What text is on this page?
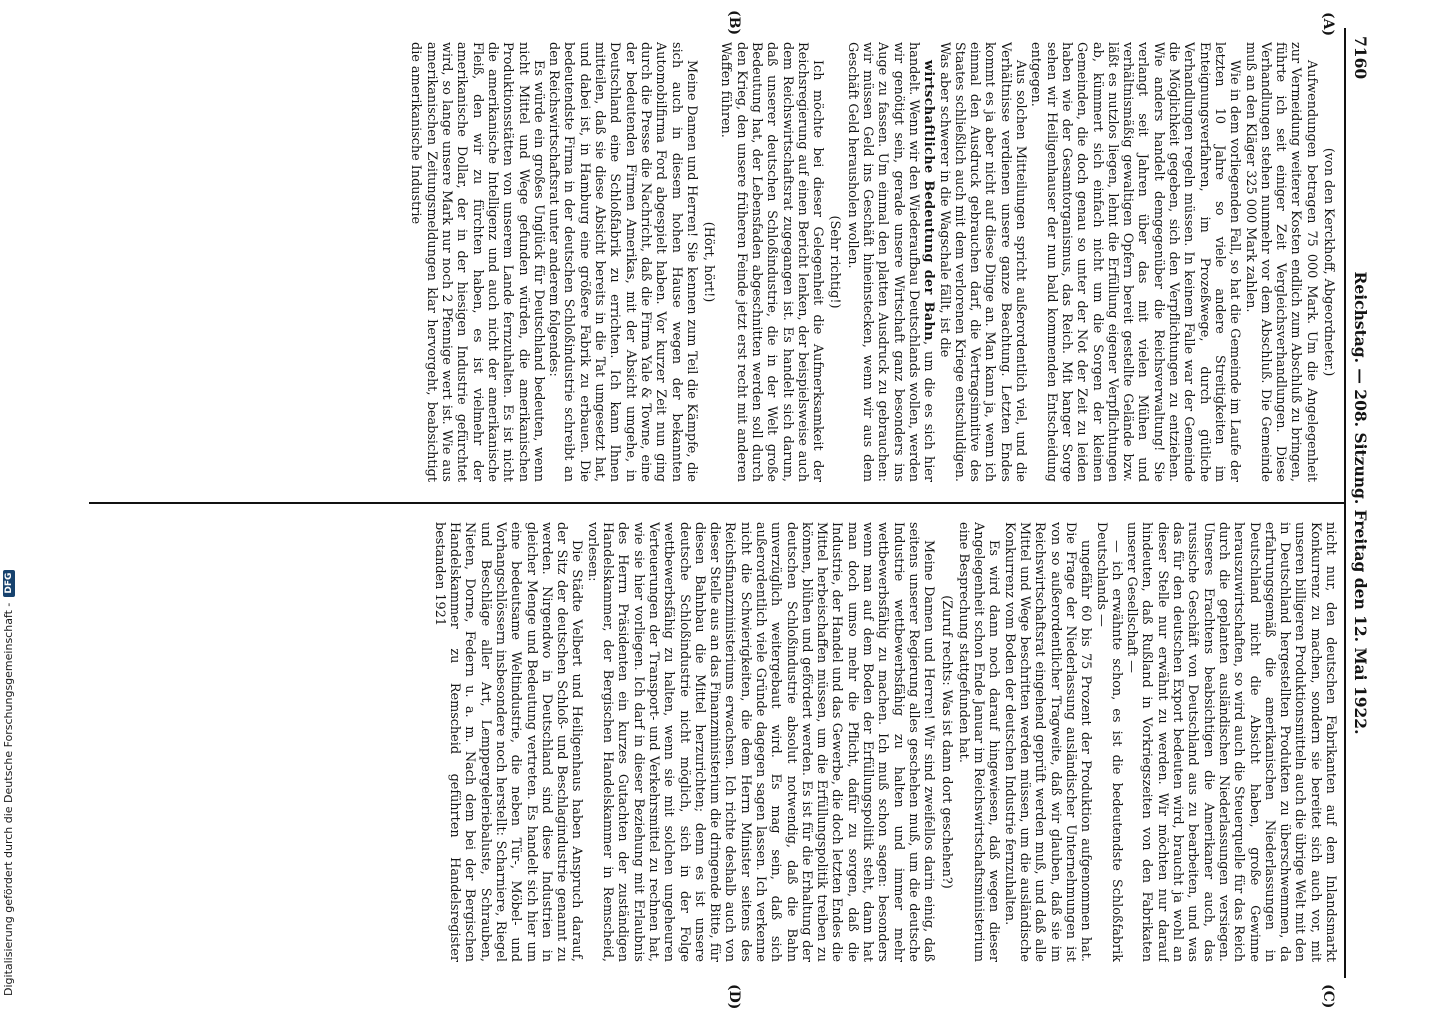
7160
Reichstag. — 208. Sitzung. Freitag den 12. Mai 1922.
(A)
(B)
(C)
(D)

(von den Kerckhoff, Abgeordneter.)

Aufwendungen betragen 75 000 Mark. Um die Angelegenheit zur Vermeidung weiterer Kosten endlich zum Abschluß zu bringen, führte ich seit einiger Zeit Vergleichsverhandlungen. Diese Verhandlungen stehen nunmehr vor dem Abschluß. Die Gemeinde muß an den Kläger 325 000 Mark zahlen.

Wie in dem vorliegenden Fall, so hat die Gemeinde im Laufe der letzten 10 Jahre so viele andere Streitigkeiten im Enteignungsverfahren, im Prozeßwege, durch gütliche Verhandlungen regeln müssen. In keinem Falle war der Gemeinde die Möglichkeit gegeben, sich den Verpflichtungen zu entziehen. Wie anders handelt demgegenüber die Reichsverwaltung! Sie verlangt seit Jahren über das mit vielen Mühen und verhältnismäßig gewaltigen Opfern bereit gestellte Gelände bzw. läßt es nutzlos liegen, lehnt die Erfüllung eigener Verpflichtungen ab, kümmert sich einfach nicht um die Sorgen der kleinen Gemeinden, die doch genau so unter der Not der Zeit zu leiden haben wie der Gesamtorganismus, das Reich. Mit banger Sorge sehen wir Heiligenhauser der nun bald kommenden Entscheidung entgegen.

Aus solchen Mitteilungen spricht außerordentlich viel, und die Verhältnisse verdienen unsere ganze Beachtung. Letzten Endes kommt es ja aber nicht auf diese Dinge an. Man kann ja, wenn ich einmal den Ausdruck gebrauchen darf, die Vertragsinnitive des Staates schließlich auch mit dem verlorenen Kriege entschuldigen. Was aber schwerer in die Wagschale fällt, ist die

wirtschaftliche Bedeutung der Bahn, um die es sich hier handelt. Wenn wir den Wiederaufbau Deutschlands wollen, werden wir genötigt sein, gerade unsere Wirtschaft ganz besonders ins Auge zu fassen. Um einmal den platten Ausdruck zu gebrauchen: wir müssen Geld ins Geschäft hineinstecken, wenn wir aus dem Geschäft Geld herausholen wollen.

(Sehr richtig!)

Ich möchte bei dieser Gelegenheit die Aufmerksamkeit der Reichsregierung auf einen Bericht lenken, der beispielsweise auch dem Reichswirtschaftsrat zugegangen ist. Es handelt sich darum, daß unserer deutschen Schloßindustrie, die in der Welt große Bedeutung hat, der Lebensfaden abgeschnitten werden soll durch den Krieg, den unsere früheren Feinde jetzt erst recht mit anderen Waffen führen.

(Hört, hört!)

Meine Damen und Herren! Sie kennen zum Teil die Kämpfe, die sich auch in diesem hohen Hause wegen der bekannten Automobilfirma Ford abgespielt haben. Vor kurzer Zeit nun ging durch die Presse die Nachricht, daß die Firma Yale & Towne, eine der bedeutenden Firmen Amerikas, mit der Absicht umgehe, in Deutschland eine Schloßfabrik zu errichten. Ich kann Ihnen mitteilen, daß sie diese Absicht bereits in die Tat umgesetzt hat, und dabei ist, in Hamburg eine größere Fabrik zu erbauen. Die bedeutendste Firma in der deutschen Schloßindustrie schreibt an den Reichswirtschaftsrat unter anderem folgendes:

Es würde ein großes Unglück für Deutschland bedeuten, wenn nicht Mittel und Wege gefunden würden, die amerikanischen Produktionsstätten von unserem Lande fernzuhalten. Es ist nicht die amerikanische Intelligenz und auch nicht der amerikanische Fleiß, den wir zu fürchten haben, es ist vielmehr der amerikanische Dollar, der in der hiesigen Industrie gefürchtet wird, so lange unsere Mark nur noch 2 Pfennige wert ist. Wie aus amerikanischen Zeitungsmeldungen klar hervorgeht, beabsichtigt die amerikanische Industrie

nicht nur, den deutschen Fabrikanten auf dem Inlandsmarkt Konkurrenz zu machen, sondern sie bereitet sich auch vor, mit unseren billigeren Produktionsmitteln auch die übrige Welt mit den in Deutschland hergestellten Produkten zu überschwemmen, da erfahrungsgemäß die amerikanischen Niederlassungen in Deutschland nicht die Absicht haben, große Gewinne herauszuwirtschaften, so wird auch die Steuerquelle für das Reich durch die geplanten ausländischen Niederlassungen versiegen. Unseres Erachtens beabsichtigen die Amerikaner auch, das russische Geschäft von Deutschland aus zu bearbeiten, und was das für den deutschen Export bedeuten wird, braucht ja wohl an dieser Stelle nur erwähnt zu werden. Wir möchten nur darauf hindeuten, daß Rußland in Vorkriegszeiten von den Fabrikaten unserer Gesellschaft —

— ich erwähnte schon, es ist die bedeutendste Schloßfabrik Deutschlands —

ungefähr 60 bis 75 Prozent der Produktion aufgenommen hat. Die Frage der Niederlassung ausländischer Unternehmungen ist von so außerordentlicher Tragweite, daß wir glauben, daß sie im Reichswirtschaftsrat eingehend geprüft werden muß, und daß alle Mittel und Wege beschritten werden müssen, um die ausländische Konkurrenz vom Boden der deutschen Industrie fernzuhalten.

Es wird dann noch darauf hingewiesen, daß wegen dieser Angelegenheit schon Ende Januar im Reichswirtschaftsministerium eine Besprechung stattgefunden hat.

(Zuruf rechts: Was ist dann dort geschehen?)

Meine Damen und Herren! Wir sind zweifellos darin einig, daß seitens unserer Regierung alles geschehen muß, um die deutsche Industrie wettbewerbsfähig zu halten und immer mehr wettbewerbsfähig zu machen. Ich muß schon sagen: besonders wenn man auf dem Boden der Erfüllungspolitik steht, dann hat man doch umso mehr die Pflicht, dafür zu sorgen, daß die Industrie, der Handel und das Gewerbe, die doch letzten Endes die Mittel herbeischaffen müssen, um die Erfüllungspolitik treiben zu können, blühen und gefördert werden. Es ist für die Erhaltung der deutschen Schloßindustrie absolut notwendig, daß die Bahn unverzüglich weitergebaut wird. Es mag sein, daß sich außerordentlich viele Gründe dagegen sagen lassen. Ich verkenne nicht die Schwierigkeiten, die dem Herrn Minister seitens des Reichsfinanzministeriums erwachsen. Ich richte deshalb auch von dieser Stelle aus an das Finanzministerium die dringende Bitte, für diesen Bahnbau die Mittel herzurichten; denn es ist unsere deutsche Schloßindustrie nicht möglich, sich in der Folge wettbewerbsfähig zu halten, wenn sie mit solchen ungeheuren Verteuerungen der Transport- und Verkehrsmittel zu rechnen hat, wie sie hier vorliegen. Ich darf in dieser Beziehung mit Erlaubnis des Herrn Präsidenten ein kurzes Gutachten der zuständigen Handelskammer, der Bergischen Handelskammer in Remscheid, vorlesen:

Die Städte Velbert und Heiligenhaus haben Anspruch darauf, der Sitz der deutschen Schloß- und Beschlagindustrie genannt zu werden. Nirgendwo in Deutschland sind diese Industrien in gleicher Menge und Bedeutung vertreten. Es handelt sich hier um eine bedeutsame Weltindustrie, die neben Tür-, Möbel- und Vorhangschlössern insbesondere noch herstellt: Scharniere, Riegel und Beschläge aller Art, Lemppergeleriebaluste, Schrauben, Nieten, Dorne, Federn u. a. m. Nach dem bei der Bergischen Handelskammer zu Remscheid geführten Handelsregister bestanden 1921

Digitalisierung gefördert durch die Deutsche Forschungsgemeinschaft -
DFG
